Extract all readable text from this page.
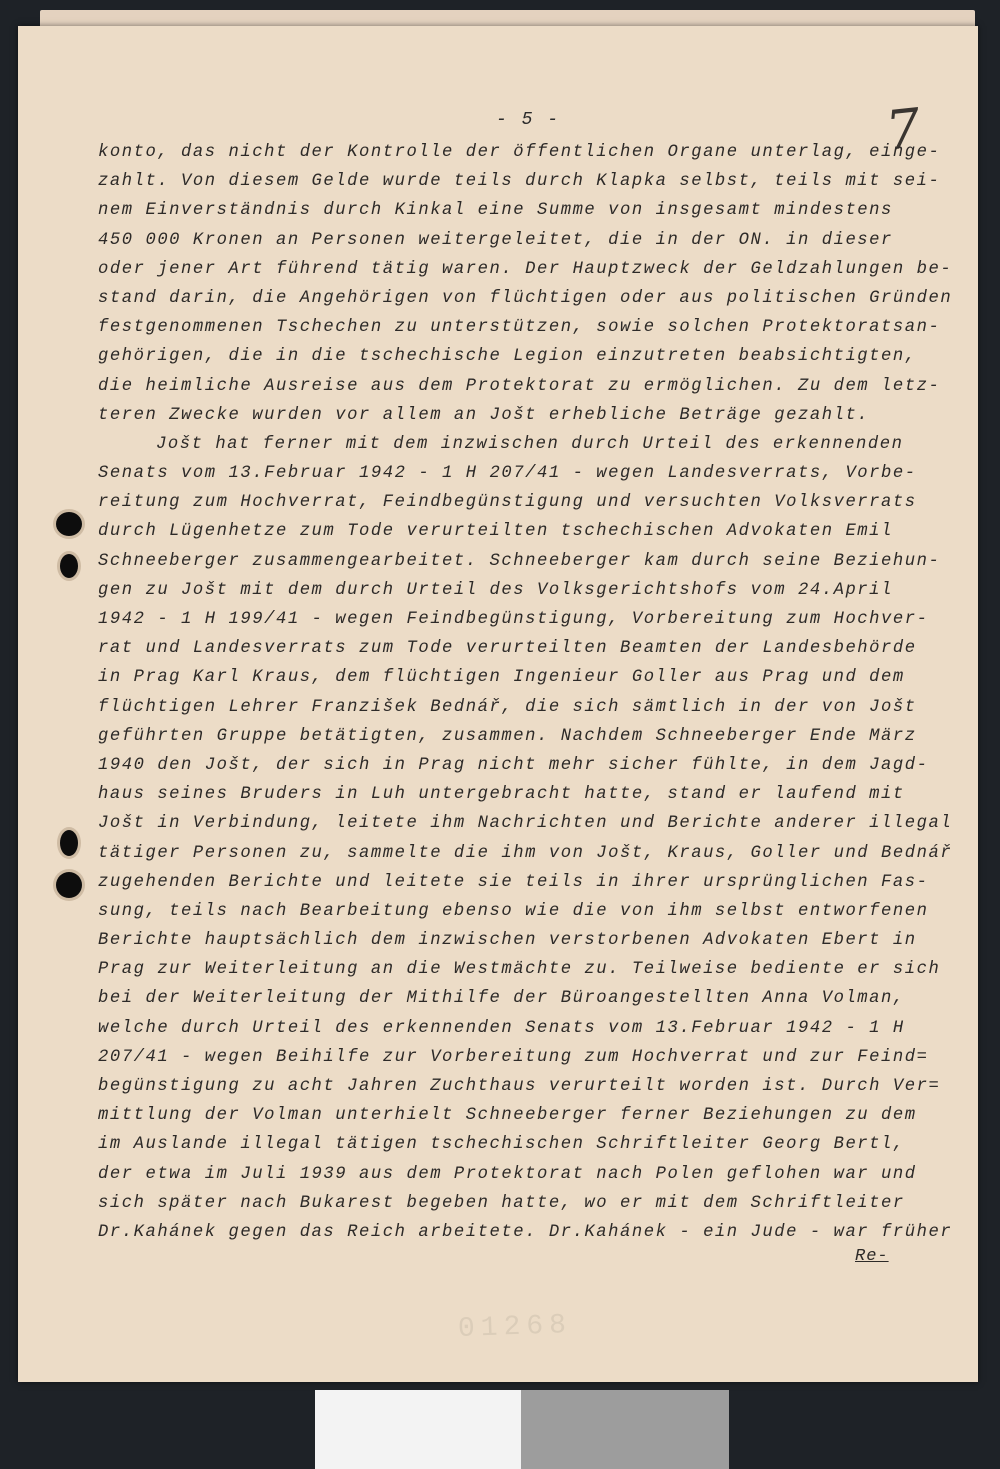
- 5 -	7
01268
konto, das nicht der Kontrolle der öffentlichen Organe unterlag, einge-
zahlt. Von diesem Gelde wurde teils durch Klapka selbst, teils mit sei-
nem Einverständnis durch Kinkal eine Summe von insgesamt mindestens
450 000 Kronen an Personen weitergeleitet, die in der ON. in dieser
oder jener Art führend tätig waren. Der Hauptzweck der Geldzahlungen be-
stand darin, die Angehörigen von flüchtigen oder aus politischen Gründen
festgenommenen Tschechen zu unterstützen, sowie solchen Protektoratsan-
gehörigen, die in die tschechische Legion einzutreten beabsichtigten,
die heimliche Ausreise aus dem Protektorat zu ermöglichen. Zu dem letz-
teren Zwecke wurden vor allem an Jošt erhebliche Beträge gezahlt.
Jošt hat ferner mit dem inzwischen durch Urteil des erkennenden
Senats vom 13.Februar 1942 - 1 H 207/41 - wegen Landesverrats, Vorbe-
reitung zum Hochverrat, Feindbegünstigung und versuchten Volksverrats
durch Lügenhetze zum Tode verurteilten tschechischen Advokaten Emil
Schneeberger zusammengearbeitet. Schneeberger kam durch seine Beziehun-
gen zu Jošt mit dem durch Urteil des Volksgerichtshofs vom 24.April
1942 - 1 H 199/41 - wegen Feindbegünstigung, Vorbereitung zum Hochver-
rat und Landesverrats zum Tode verurteilten Beamten der Landesbehörde
in Prag Karl Kraus, dem flüchtigen Ingenieur Goller aus Prag und dem
flüchtigen Lehrer Franzišek Bednář, die sich sämtlich in der von Jošt
geführten Gruppe betätigten, zusammen. Nachdem Schneeberger Ende März
1940 den Jošt, der sich in Prag nicht mehr sicher fühlte, in dem Jagd-
haus seines Bruders in Luh untergebracht hatte, stand er laufend mit
Jošt in Verbindung, leitete ihm Nachrichten und Berichte anderer illegal
tätiger Personen zu, sammelte die ihm von Jošt, Kraus, Goller und Bednář
zugehenden Berichte und leitete sie teils in ihrer ursprünglichen Fas-
sung, teils nach Bearbeitung ebenso wie die von ihm selbst entworfenen
Berichte hauptsächlich dem inzwischen verstorbenen Advokaten Ebert in
Prag zur Weiterleitung an die Westmächte zu. Teilweise bediente er sich
bei der Weiterleitung der Mithilfe der Büroangestellten Anna Volman,
welche durch Urteil des erkennenden Senats vom 13.Februar 1942 - 1 H
207/41 - wegen Beihilfe zur Vorbereitung zum Hochverrat und zur Feind=
begünstigung zu acht Jahren Zuchthaus verurteilt worden ist. Durch Ver=
mittlung der Volman unterhielt Schneeberger ferner Beziehungen zu dem
im Auslande illegal tätigen tschechischen Schriftleiter Georg Bertl,
der etwa im Juli 1939 aus dem Protektorat nach Polen geflohen war und
sich später nach Bukarest begeben hatte, wo er mit dem Schriftleiter
Dr.Kahánek gegen das Reich arbeitete. Dr.Kahánek - ein Jude - war früher
Re-
